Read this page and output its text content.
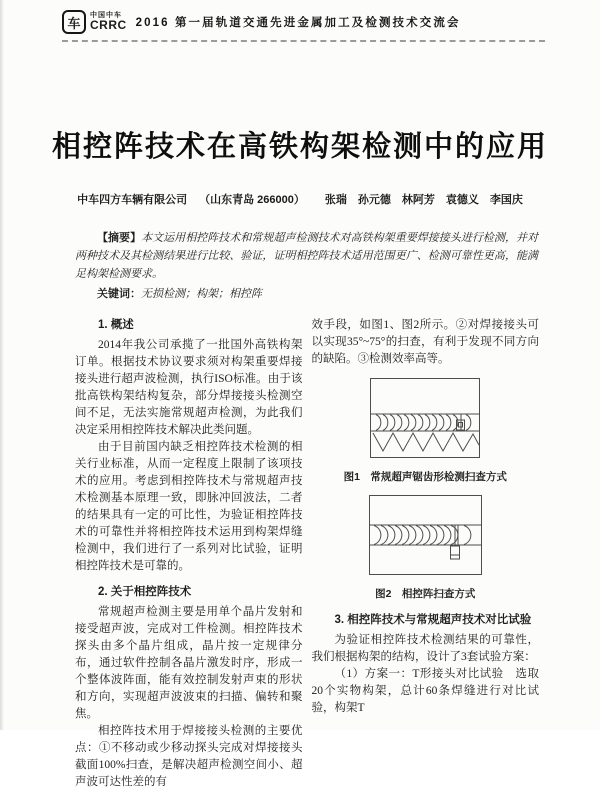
车	中国中车
CRRC 2016 第一届轨道交通先进金属加工及检测技术交流会
相控阵技术在高铁构架检测中的应用
中车四方车辆有限公司 （山东青岛 266000） 张瑞　孙元德　林阿芳　袁德义　李国庆
【摘要】本文运用相控阵技术和常规超声检测技术对高铁构架重要焊接接头进行检测，并对两种技术及其检测结果进行比较、验证，证明相控阵技术适用范围更广、检测可靠性更高，能满足构架检测要求。
关键词：无损检测；构架；相控阵
1. 概述

2014年我公司承揽了一批国外高铁构架订单。根据技术协议要求须对构架重要焊接接头进行超声波检测，执行ISO标准。由于该批高铁构架结构复杂，部分焊接接头检测空间不足，无法实施常规超声检测，为此我们决定采用相控阵技术解决此类问题。

由于目前国内缺乏相控阵技术检测的相关行业标准，从而一定程度上限制了该项技术的应用。考虑到相控阵技术与常规超声技术检测基本原理一致，即脉冲回波法，二者的结果具有一定的可比性，为验证相控阵技术的可靠性并将相控阵技术运用到构架焊缝检测中，我们进行了一系列对比试验，证明相控阵技术是可靠的。

2. 关于相控阵技术

常规超声检测主要是用单个晶片发射和接受超声波，完成对工件检测。相控阵技术探头由多个晶片组成，晶片按一定规律分布，通过软件控制各晶片激发时序，形成一个整体波阵面，能有效控制发射声束的形状和方向，实现超声波波束的扫描、偏转和聚焦。

相控阵技术用于焊接接头检测的主要优点：①不移动或少移动探头完成对焊接接头截面100%扫查，是解决超声检测空间小、超声波可达性差的有

效手段，如图1、图2所示。②对焊接接头可以实现35°~75°的扫查，有利于发现不同方向的缺陷。③检测效率高等。

图1　常规超声锯齿形检测扫查方式
图2　相控阵扫查方式
3. 相控阵技术与常规超声技术对比试验

为验证相控阵技术检测结果的可靠性，我们根据构架的结构，设计了3套试验方案：

（1）方案一：T形接头对比试验　选取20个实物构架，总计60条焊缝进行对比试验，构架T
